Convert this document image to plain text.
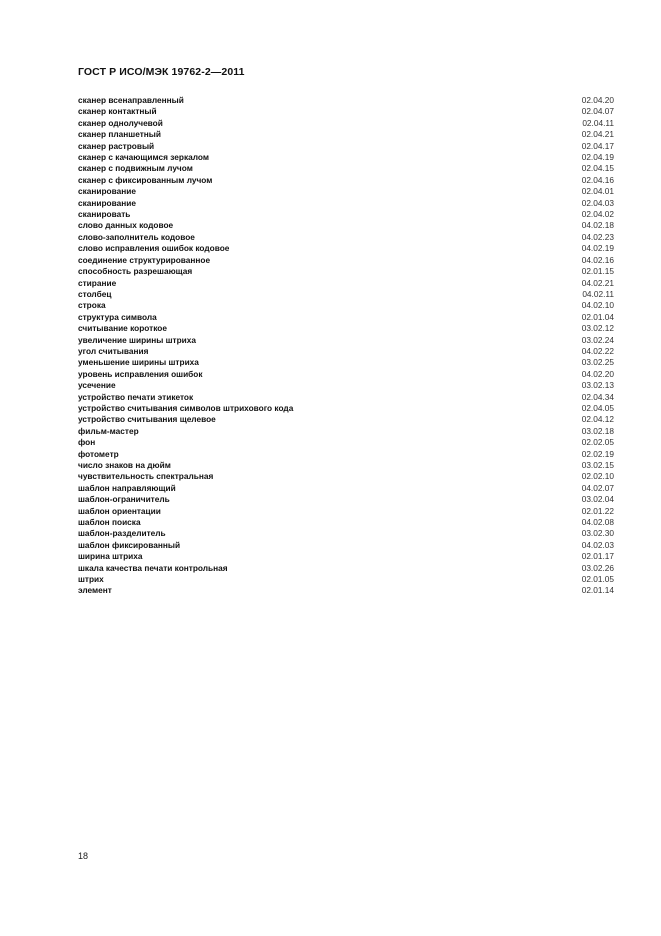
ГОСТ Р ИСО/МЭК 19762-2—2011
сканер всенаправленный	02.04.20
сканер контактный	02.04.07
сканер однолучевой	02.04.11
сканер планшетный	02.04.21
сканер растровый	02.04.17
сканер с качающимся зеркалом	02.04.19
сканер с подвижным лучом	02.04.15
сканер с фиксированным лучом	02.04.16
сканирование	02.04.01
сканирование	02.04.03
сканировать	02.04.02
слово данных кодовое	04.02.18
слово-заполнитель кодовое	04.02.23
слово исправления ошибок кодовое	04.02.19
соединение структурированное	04.02.16
способность разрешающая	02.01.15
стирание	04.02.21
столбец	04.02.11
строка	04.02.10
структура символа	02.01.04
считывание короткое	03.02.12
увеличение ширины штриха	03.02.24
угол считывания	04.02.22
уменьшение ширины штриха	03.02.25
уровень исправления ошибок	04.02.20
усечение	03.02.13
устройство печати этикеток	02.04.34
устройство считывания символов штрихового кода	02.04.05
устройство считывания щелевое	02.04.12
фильм-мастер	03.02.18
фон	02.02.05
фотометр	02.02.19
число знаков на дюйм	03.02.15
чувствительность спектральная	02.02.10
шаблон направляющий	04.02.07
шаблон-ограничитель	03.02.04
шаблон ориентации	02.01.22
шаблон поиска	04.02.08
шаблон-разделитель	03.02.30
шаблон фиксированный	04.02.03
ширина штриха	02.01.17
шкала качества печати контрольная	03.02.26
штрих	02.01.05
элемент	02.01.14
18
